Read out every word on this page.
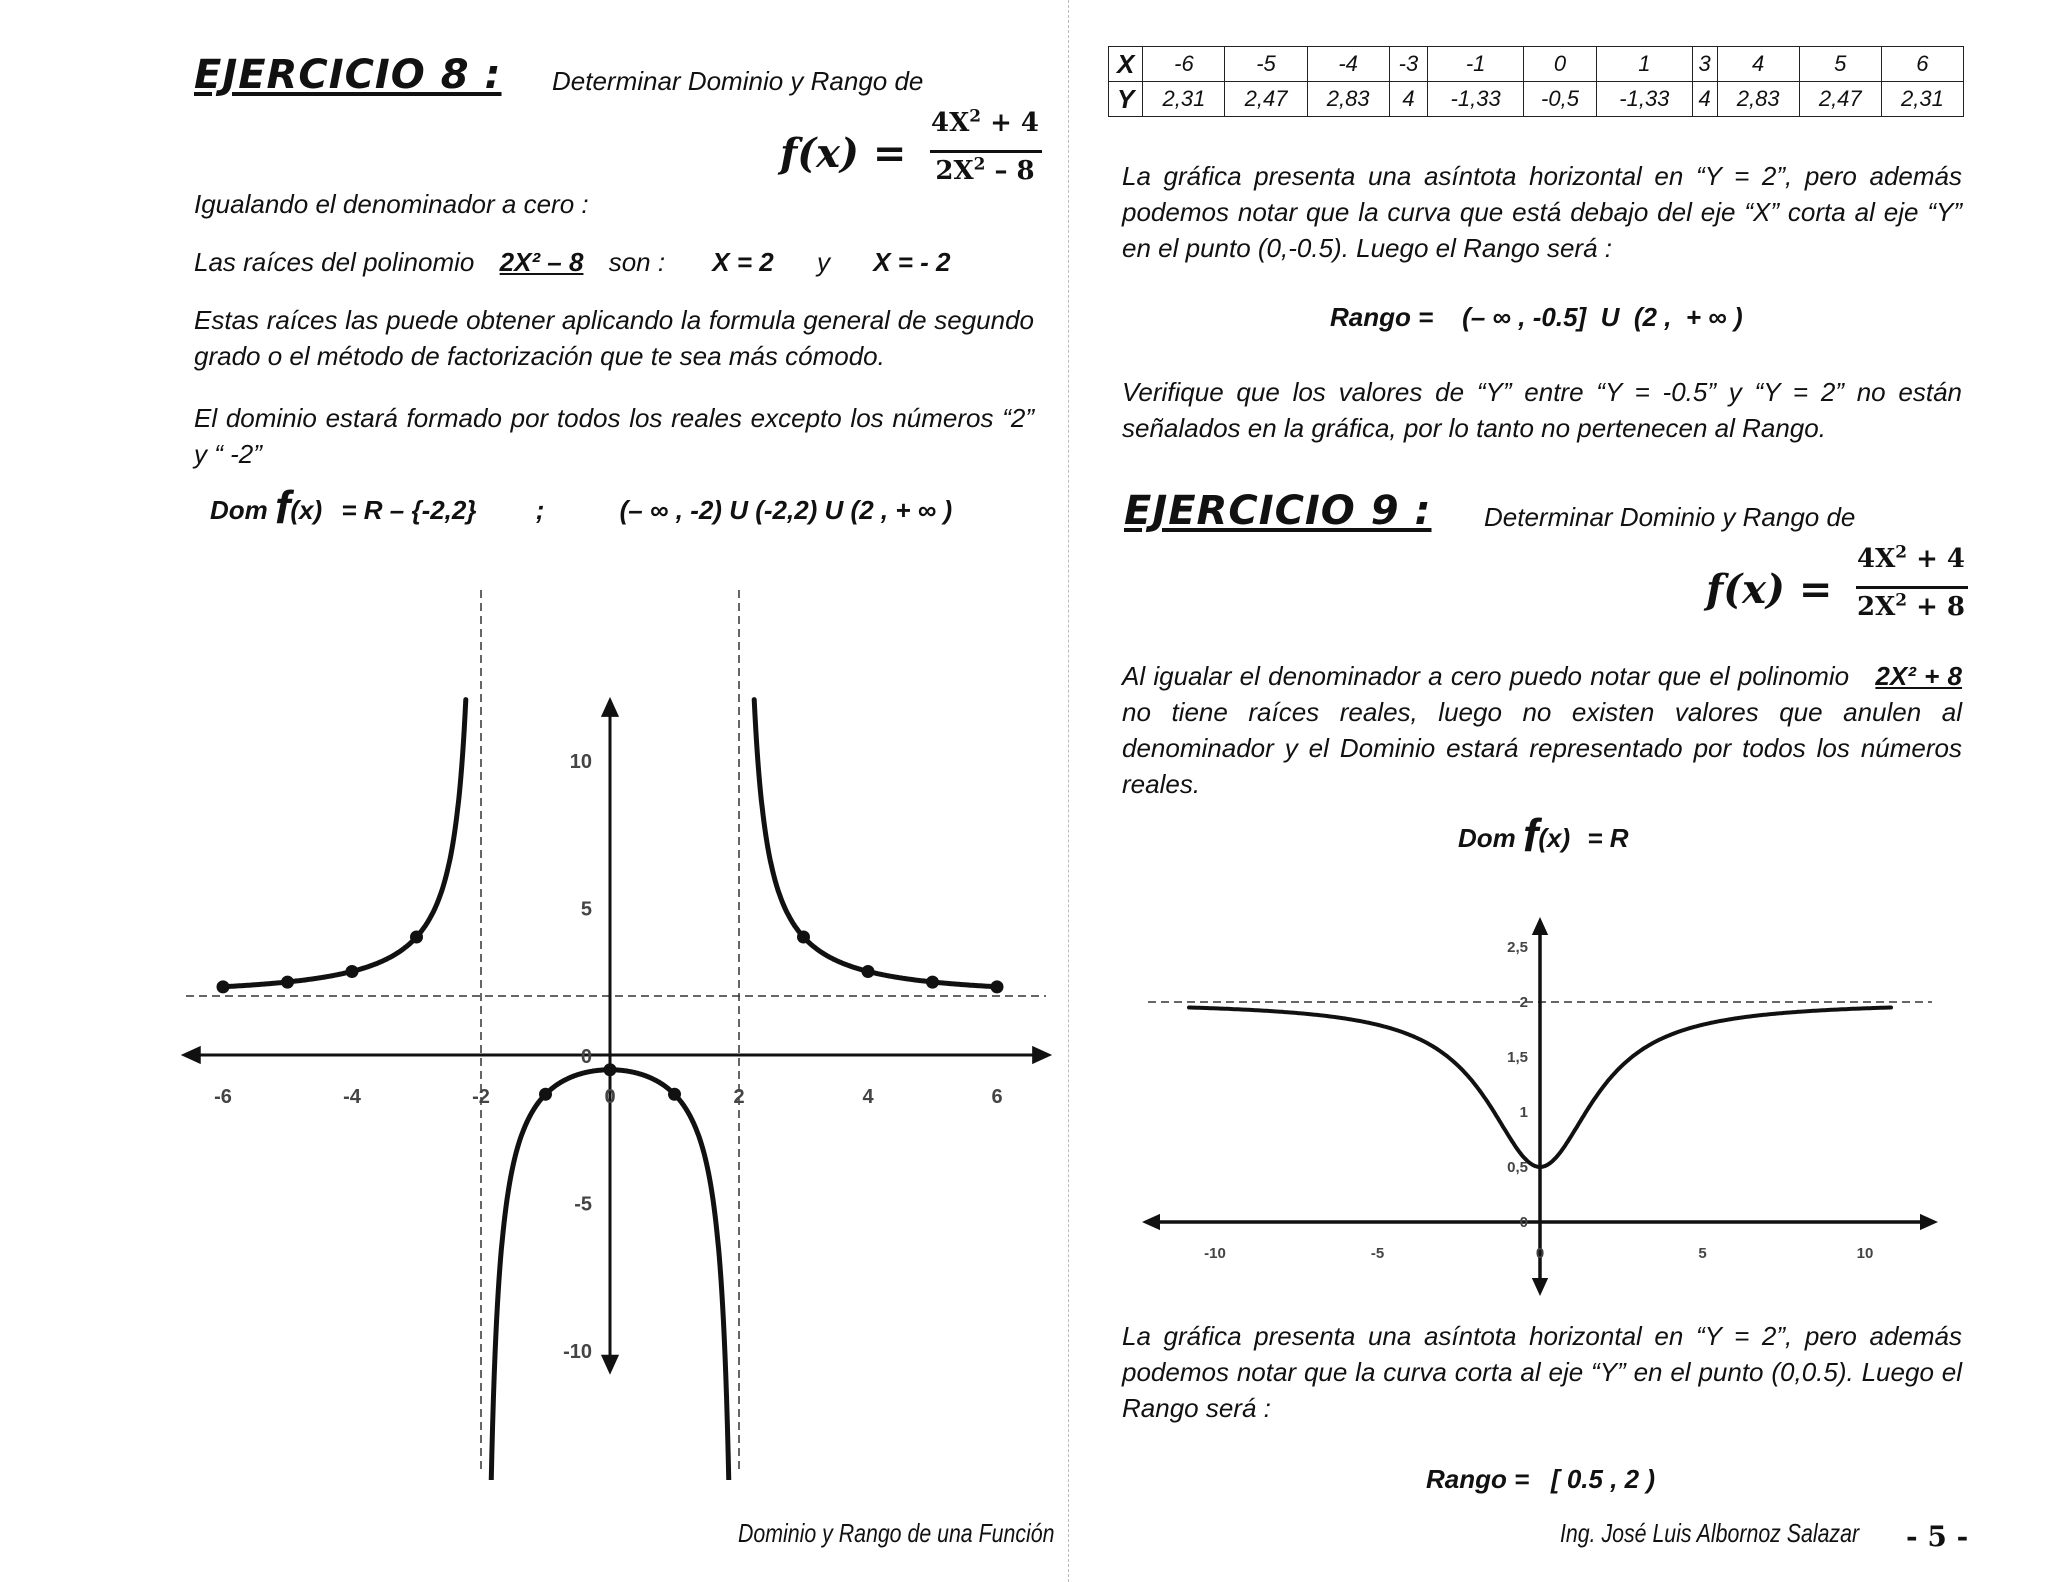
EJERCICIO 8 : Determinar Dominio y Rango de
f(x) =
$4X^2 + 4$
$2X^2 - 8$
Igualando el denominador a cero :
Las raíces del polinomio 2X² – 8 son : X = 2 y X = - 2
Estas raíces las puede obtener aplicando la formula general de segundo grado o el método de factorización que te sea más cómodo.
El dominio estará formado por todos los reales excepto los números “2” y “ -2”
Dom f(x) = R – {-2,2} ;	(– ∞ , -2) U (-2,2) U (2 , + ∞ )
-6	-4	-2	0	2	4	6
10
5
0
-5
-10
Dominio y Rango de una Función
X	-6	-5	-4	-3	-1	0	1	3	4	5	6
Y	2,31	2,47	2,83	4	-1,33	-0,5	-1,33	4	2,83	2,47	2,31
La gráfica presenta una asíntota horizontal en “Y = 2”, pero además podemos notar que la curva que está debajo del eje “X” corta al eje “Y” en el punto (0,-0.5). Luego el Rango será :
Rango =    (– ∞ , -0.5]  U  (2 ,  + ∞ )
Verifique que los valores de “Y” entre “Y = -0.5” y “Y = 2” no están señalados en la gráfica, por lo tanto no pertenecen al Rango.
EJERCICIO 9 : Determinar Dominio y Rango de
f(x) =
$4X^2 + 4$
$2X^2 + 8$
Al igualar el denominador a cero puedo notar que el polinomio 2X² + 8 no tiene raíces reales, luego no existen valores que anulen al denominador y el Dominio estará representado por todos los números reales.
Dom f(x) = R
-10	-5	5	10
0
2,5
2
1,5
1
0,5
0
La gráfica presenta una asíntota horizontal en “Y = 2”, pero además podemos notar que la curva corta al eje “Y” en el punto (0,0.5). Luego el Rango será :
Rango =   [ 0.5 , 2 )
Ing. José Luis Albornoz Salazar - 5 -
